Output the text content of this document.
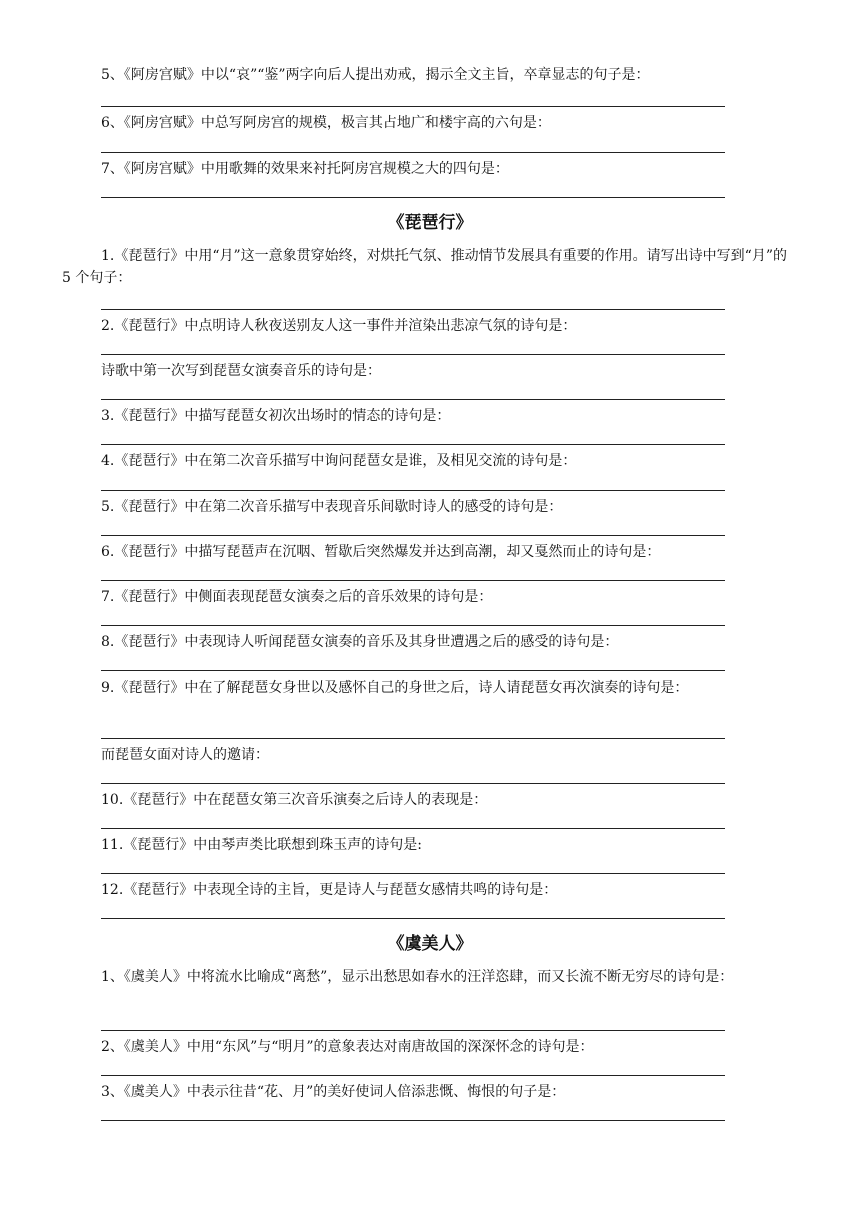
5、《阿房宫赋》中以“哀”“鉴”两字向后人提出劝戒，揭示全文主旨，卒章显志的句子是：
6、《阿房宫赋》中总写阿房宫的规模，极言其占地广和楼宇高的六句是：
7、《阿房宫赋》中用歌舞的效果来衬托阿房宫规模之大的四句是：
《琵琶行》
1.《琵琶行》中用“月”这一意象贯穿始终，对烘托气氛、推动情节发展具有重要的作用。请写出诗中写到“月”的 5 个句子：
2.《琵琶行》中点明诗人秋夜送别友人这一事件并渲染出悲凉气氛的诗句是：
诗歌中第一次写到琵琶女演奏音乐的诗句是：
3.《琵琶行》中描写琵琶女初次出场时的情态的诗句是：
4.《琵琶行》中在第二次音乐描写中询问琵琶女是谁，及相见交流的诗句是：
5.《琵琶行》中在第二次音乐描写中表现音乐间歇时诗人的感受的诗句是：
6.《琵琶行》中描写琵琶声在沉咽、暂歇后突然爆发并达到高潮，却又戛然而止的诗句是：
7.《琵琶行》中侧面表现琵琶女演奏之后的音乐效果的诗句是：
8.《琵琶行》中表现诗人听闻琵琶女演奏的音乐及其身世遭遇之后的感受的诗句是：
9.《琵琶行》中在了解琵琶女身世以及感怀自己的身世之后，诗人请琵琶女再次演奏的诗句是：
而琵琶女面对诗人的邀请：
10.《琵琶行》中在琵琶女第三次音乐演奏之后诗人的表现是：
11.《琵琶行》中由琴声类比联想到珠玉声的诗句是:
12.《琵琶行》中表现全诗的主旨，更是诗人与琵琶女感情共鸣的诗句是：
《虞美人》
1、《虞美人》中将流水比喻成“离愁”，显示出愁思如春水的汪洋恣肆，而又长流不断无穷尽的诗句是：
2、《虞美人》中用“东风”与“明月”的意象表达对南唐故国的深深怀念的诗句是：
3、《虞美人》中表示往昔“花、月”的美好使词人倍添悲慨、悔恨的句子是：
